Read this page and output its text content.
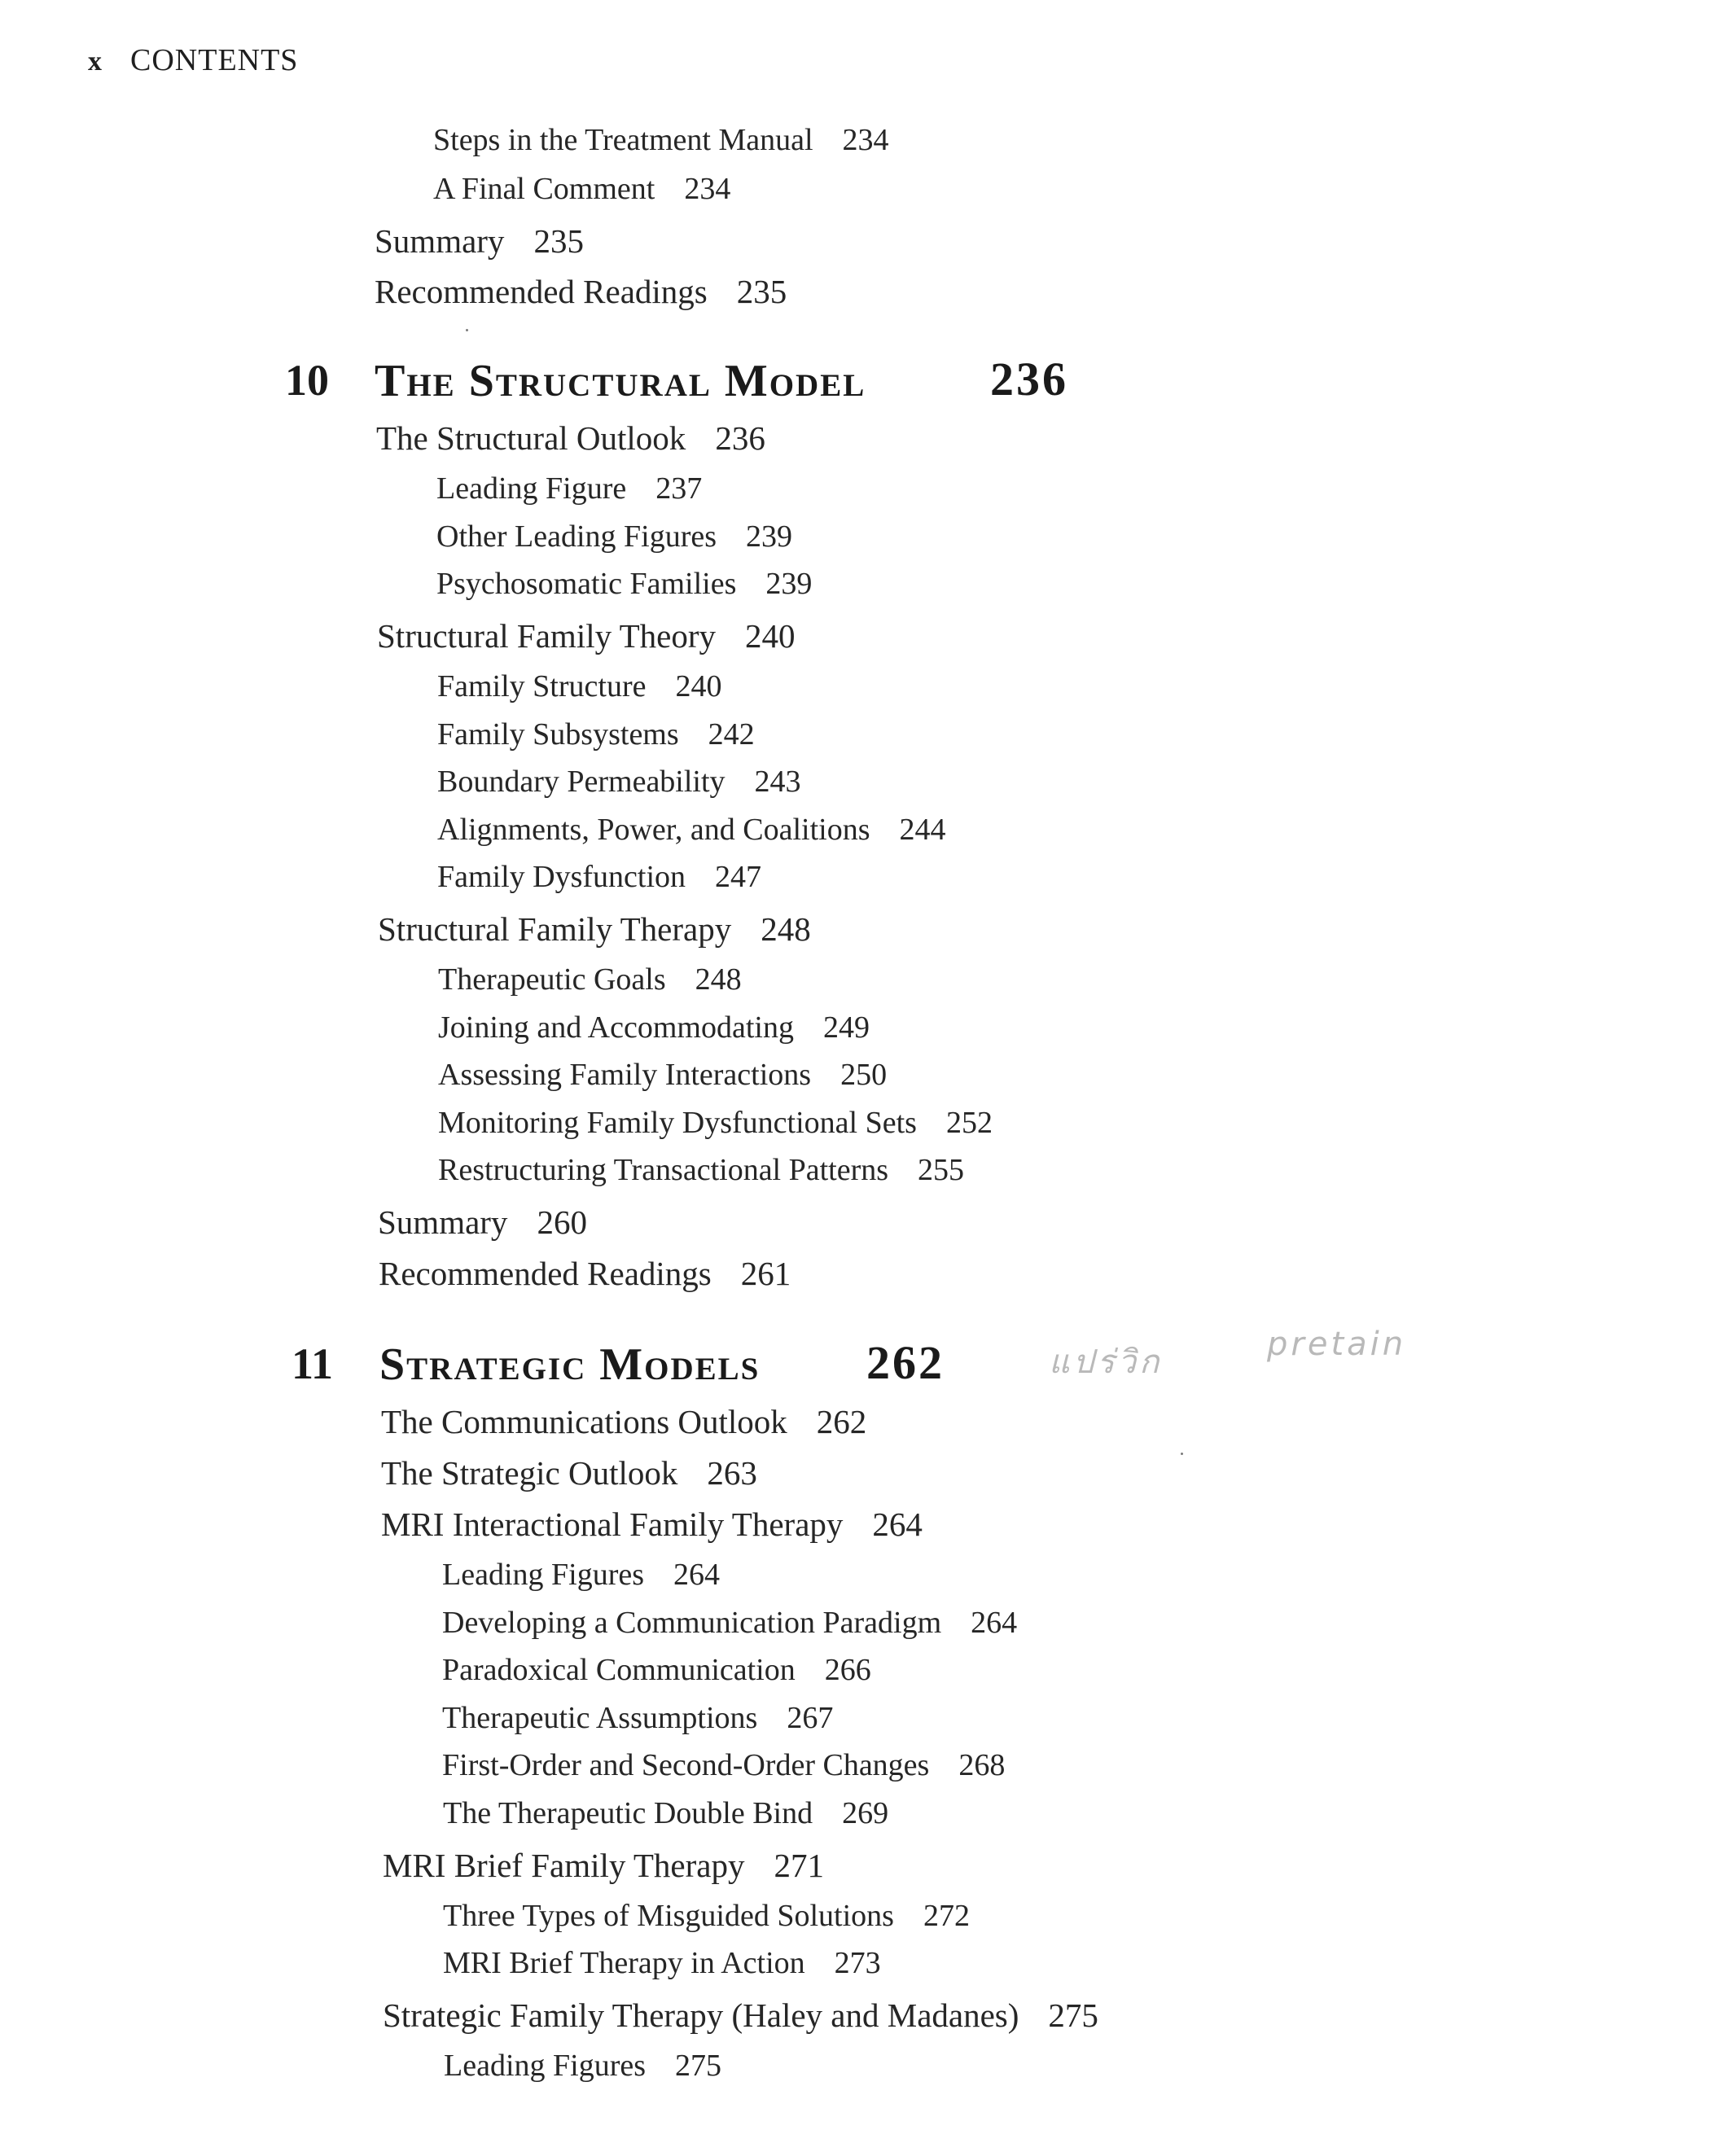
x CONTENTS
Steps in the Treatment Manual 234
A Final Comment 234
Summary 235
Recommended Readings 235
10 The Structural Model	236
The Structural Outlook 236
Leading Figure 237
Other Leading Figures 239
Psychosomatic Families 239
Structural Family Theory 240
Family Structure 240
Family Subsystems 242
Boundary Permeability 243
Alignments, Power, and Coalitions 244
Family Dysfunction 247
Structural Family Therapy 248
Therapeutic Goals 248
Joining and Accommodating 249
Assessing Family Interactions 250
Monitoring Family Dysfunctional Sets 252
Restructuring Transactional Patterns 255
Summary 260
Recommended Readings 261
11 Strategic Models 262
The Communications Outlook 262
The Strategic Outlook 263
MRI Interactional Family Therapy 264
Leading Figures 264
Developing a Communication Paradigm 264
Paradoxical Communication 266
Therapeutic Assumptions 267
First-Order and Second-Order Changes 268
The Therapeutic Double Bind 269
MRI Brief Family Therapy 271
Three Types of Misguided Solutions 272
MRI Brief Therapy in Action 273
Strategic Family Therapy (Haley and Madanes) 275
Leading Figures 275
แปร่วิก	pretain
